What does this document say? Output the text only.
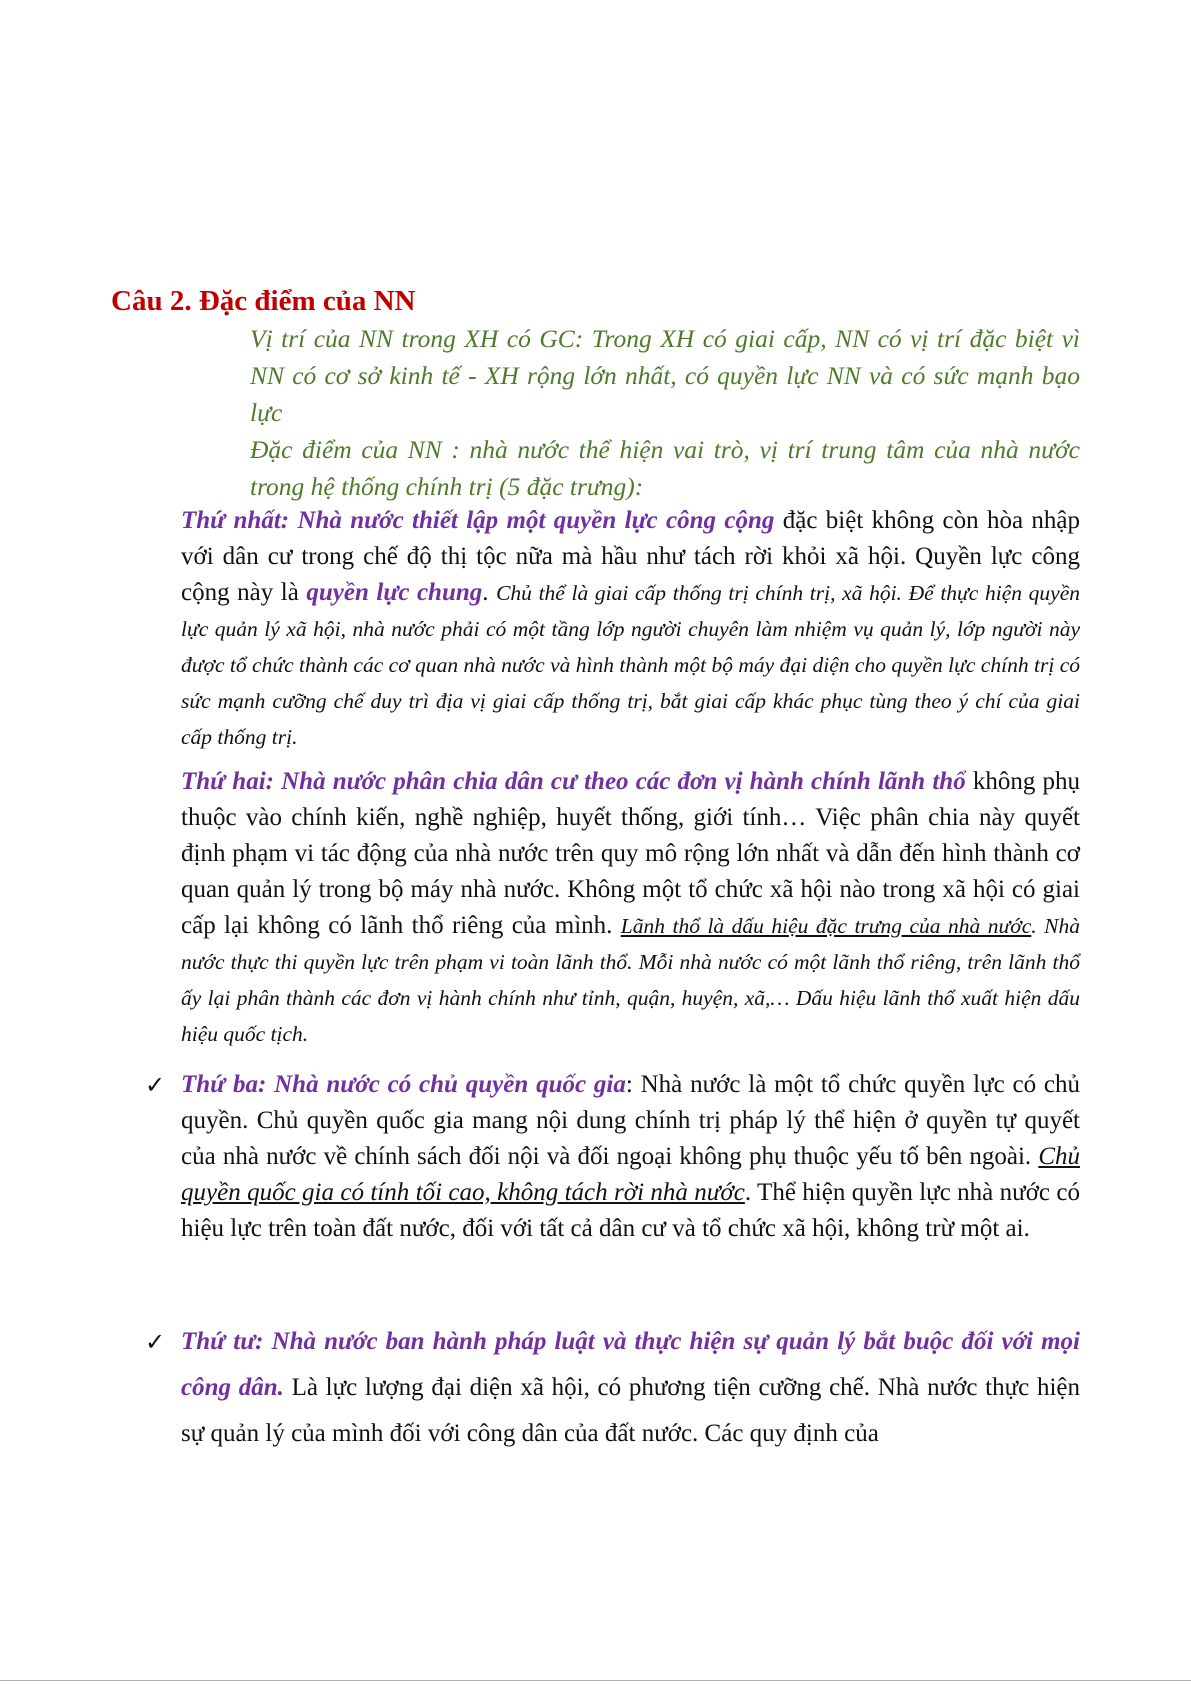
Câu 2. Đặc điểm của NN

Vị trí của NN trong XH có GC: Trong XH có giai cấp, NN có vị trí đặc biệt vì NN có cơ sở kinh tế - XH rộng lớn nhất, có quyền lực NN và có sức mạnh bạo lực

Đặc điểm của NN : nhà nước thể hiện vai trò, vị trí trung tâm của nhà nước trong hệ thống chính trị (5 đặc trưng):

Thứ nhất: Nhà nước thiết lập một quyền lực công cộng đặc biệt không còn hòa nhập với dân cư trong chế độ thị tộc nữa mà hầu như tách rời khỏi xã hội. Quyền lực công cộng này là quyền lực chung. Chủ thể là giai cấp thống trị chính trị, xã hội. Để thực hiện quyền lực quản lý xã hội, nhà nước phải có một tầng lớp người chuyên làm nhiệm vụ quản lý, lớp người này được tổ chức thành các cơ quan nhà nước và hình thành một bộ máy đại diện cho quyền lực chính trị có sức mạnh cưỡng chế duy trì địa vị giai cấp thống trị, bắt giai cấp khác phục tùng theo ý chí của giai cấp thống trị.
Thứ hai: Nhà nước phân chia dân cư theo các đơn vị hành chính lãnh thổ không phụ thuộc vào chính kiến, nghề nghiệp, huyết thống, giới tính… Việc phân chia này quyết định phạm vi tác động của nhà nước trên quy mô rộng lớn nhất và dẫn đến hình thành cơ quan quản lý trong bộ máy nhà nước. Không một tổ chức xã hội nào trong xã hội có giai cấp lại không có lãnh thổ riêng của mình. Lãnh thổ là dấu hiệu đặc trưng của nhà nước. Nhà nước thực thi quyền lực trên phạm vi toàn lãnh thổ. Mỗi nhà nước có một lãnh thổ riêng, trên lãnh thổ ấy lại phân thành các đơn vị hành chính như tỉnh, quận, huyện, xã,… Dấu hiệu lãnh thổ xuất hiện dấu hiệu quốc tịch.
✓ Thứ ba: Nhà nước có chủ quyền quốc gia: Nhà nước là một tổ chức quyền lực có chủ quyền. Chủ quyền quốc gia mang nội dung chính trị pháp lý thể hiện ở quyền tự quyết của nhà nước về chính sách đối nội và đối ngoại không phụ thuộc yếu tố bên ngoài. Chủ quyền quốc gia có tính tối cao, không tách rời nhà nước. Thể hiện quyền lực nhà nước có hiệu lực trên toàn đất nước, đối với tất cả dân cư và tổ chức xã hội, không trừ một ai.
✓ Thứ tư: Nhà nước ban hành pháp luật và thực hiện sự quản lý bắt buộc đối với mọi công dân. Là lực lượng đại diện xã hội, có phương tiện cưỡng chế. Nhà nước thực hiện sự quản lý của mình đối với công dân của đất nước. Các quy định của
